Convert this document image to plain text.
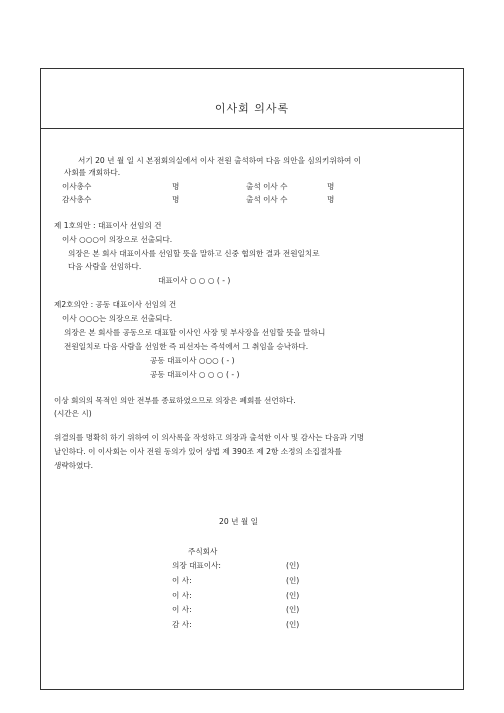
이사회 의사록
서기 20 년 월 일 시 본점회의실에서 이사 전원 출석하여 다음 의안을 심의키위하여 이
사회를 개회하다.
이사총수	명	출석 이사 수	명
감사총수	명	출석 이사 수	명
제 1호의안 : 대표이사 선임의 건
이사 ○○○이 의장으로 선출되다.
의장은 본 회사 대표이사를 선임할 뜻을 말하고 신중 협의한 결과 전원일치로
다음 사람을 선임하다.
대표이사 ○ ○ ○ ( - )
제2호의안 : 공동 대표이사 선임의 건
이사 ○○○는 의장으로 선출되다.
의장은 본 회사를 공동으로 대표할 이사인 사장 및 부사장을 선임할 뜻을 말하니
전원일치로 다음 사람을 선임한 즉 피선자는 즉석에서 그 취임을 승낙하다.
공동 대표이사 ○○○ ( - )
공동 대표이사 ○ ○ ○ ( - )
이상 회의의 목적인 의안 전부를 종료하였으므로 의장은 폐회를 선언하다.
(시간은 시)
위결의를 명확히 하기 위하여 이 의사록을 작성하고 의장과 출석한 이사 및 감사는 다음과 기명
날인하다. 이 이사회는 이사 전원 동의가 있어 상법 제 390조 제 2항 소정의 소집절차를
생략하였다.
20 년 월 일
주식회사
의장 대표이사:	(인)
이 사:	(인)
이 사:	(인)
이 사:	(인)
감 사:	(인)
